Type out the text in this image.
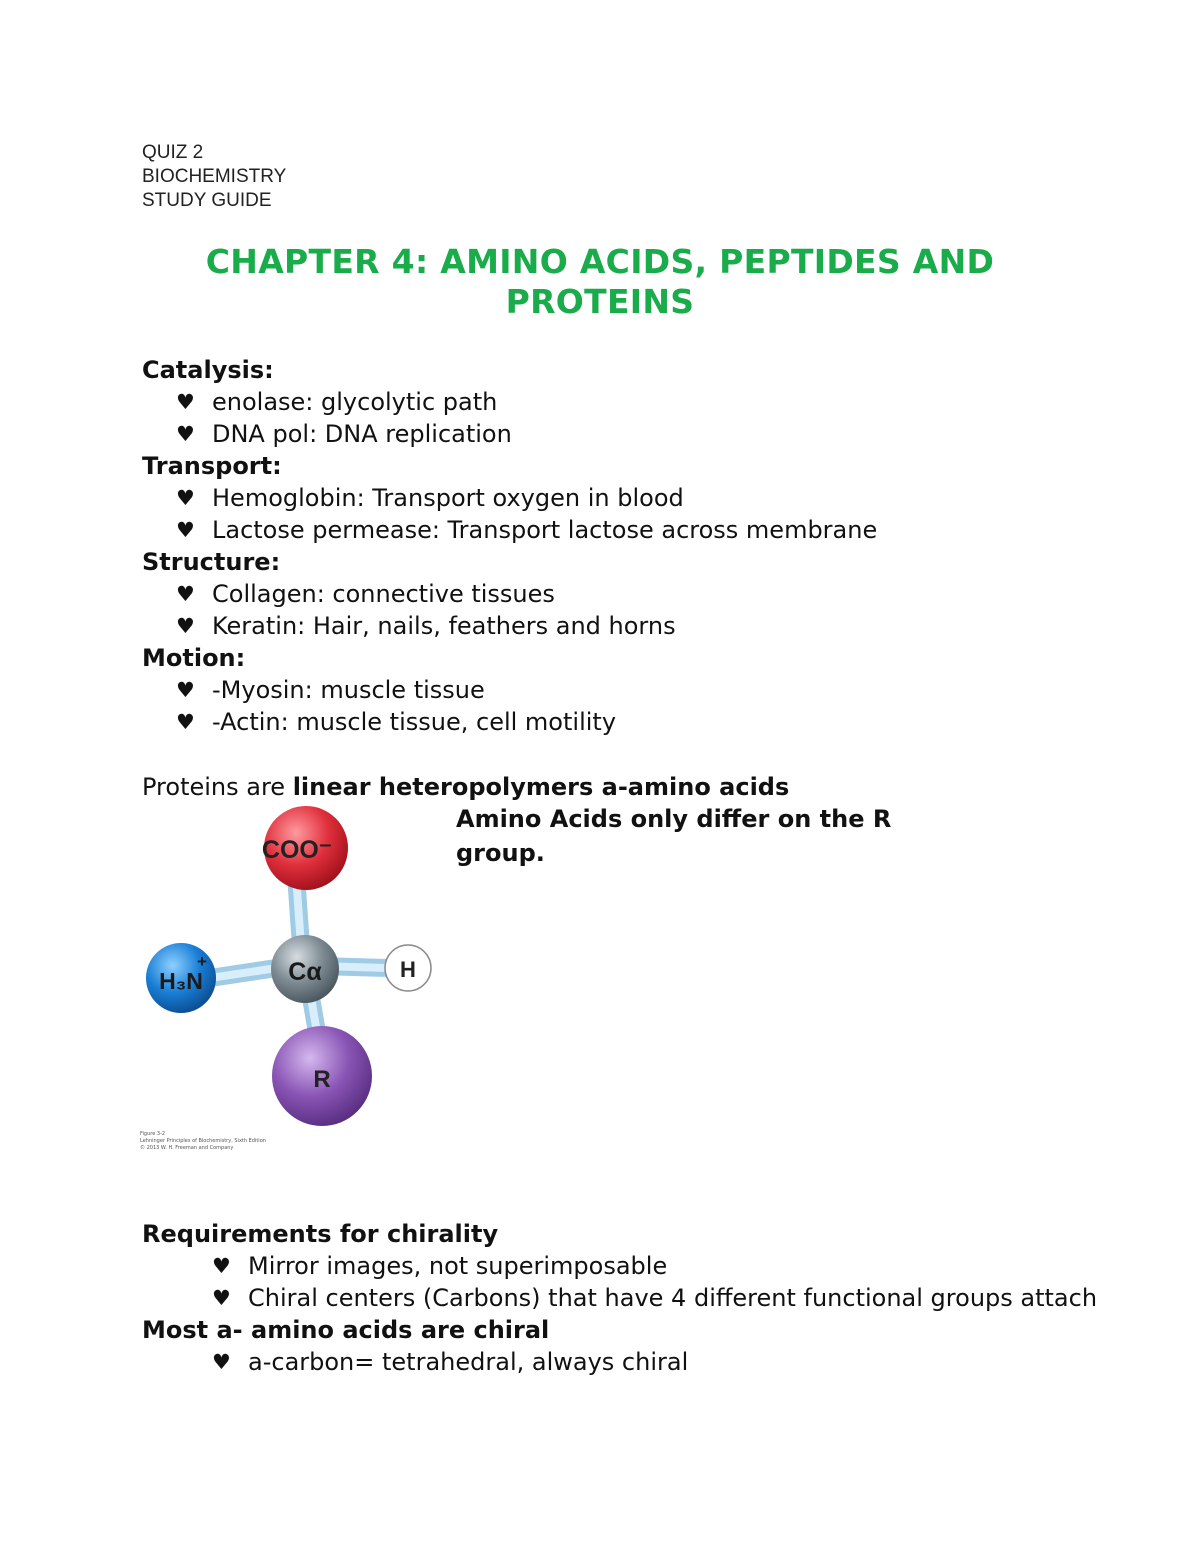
QUIZ 2
BIOCHEMISTRY
STUDY GUIDE
CHAPTER 4: AMINO ACIDS, PEPTIDES AND
PROTEINS
Catalysis:
♥ enolase: glycolytic path
♥ DNA pol: DNA replication
Transport:
♥ Hemoglobin: Transport oxygen in blood
♥ Lactose permease: Transport lactose across membrane
Structure:
♥ Collagen: connective tissues
♥ Keratin: Hair, nails, feathers and horns
Motion:
♥ -Myosin: muscle tissue
♥ -Actin: muscle tissue, cell motility
Proteins are linear heteropolymers a-amino acids
Amino Acids only differ on the R
group.
COO⁻
R
H₃N
+	Cα	H
Figure 3-2
Lehninger Principles of Biochemistry, Sixth Edition
© 2013 W. H. Freeman and Company
Requirements for chirality
♥ Mirror images, not superimposable
♥ Chiral centers (Carbons) that have 4 different functional groups attach
Most a- amino acids are chiral
♥ a-carbon= tetrahedral, always chiral
